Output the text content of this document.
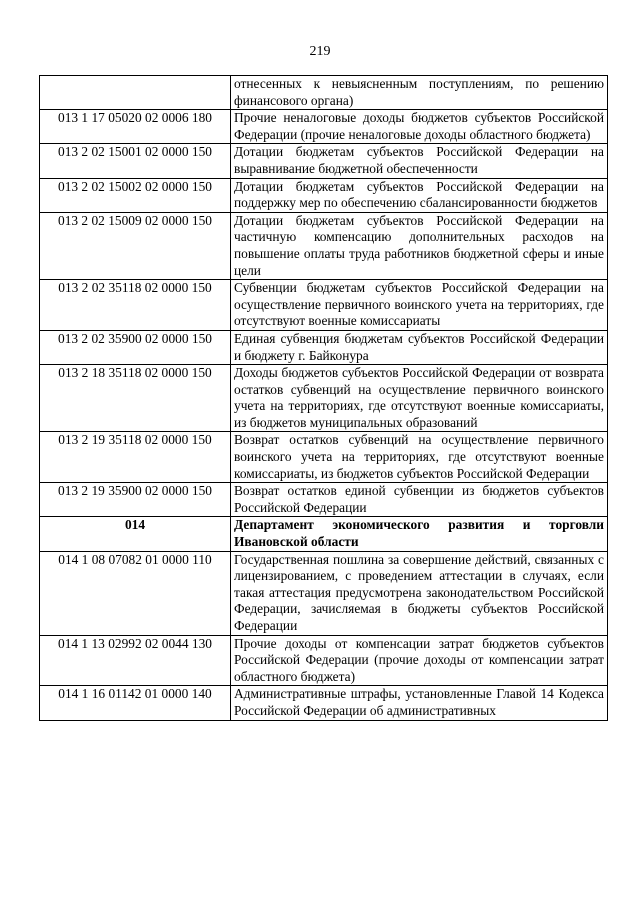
219
	отнесенных к невыясненным поступлениям, по решению финансового органа)
013 1 17 05020 02 0006 180	Прочие неналоговые доходы бюджетов субъектов Российской Федерации (прочие неналоговые доходы областного бюджета)
013 2 02 15001 02 0000 150	Дотации бюджетам субъектов Российской Федерации на выравнивание бюджетной обеспеченности
013 2 02 15002 02 0000 150	Дотации бюджетам субъектов Российской Федерации на поддержку мер по обеспечению сбалансированности бюджетов
013 2 02 15009 02 0000 150	Дотации бюджетам субъектов Российской Федерации на частичную компенсацию дополнительных расходов на повышение оплаты труда работников бюджетной сферы и иные цели
013 2 02 35118 02 0000 150	Субвенции бюджетам субъектов Российской Федерации на осуществление первичного воинского учета на территориях, где отсутствуют военные комиссариаты
013 2 02 35900 02 0000 150	Единая субвенция бюджетам субъектов Российской Федерации и бюджету г. Байконура
013 2 18 35118 02 0000 150	Доходы бюджетов субъектов Российской Федерации от возврата остатков субвенций на осуществление первичного воинского учета на территориях, где отсутствуют военные комиссариаты, из бюджетов муниципальных образований
013 2 19 35118 02 0000 150	Возврат остатков субвенций на осуществление первичного воинского учета на территориях, где отсутствуют военные комиссариаты, из бюджетов субъектов Российской Федерации
013 2 19 35900 02 0000 150	Возврат остатков единой субвенции из бюджетов субъектов Российской Федерации
014	Департамент экономического развития и торговли Ивановской области
014 1 08 07082 01 0000 110	Государственная пошлина за совершение действий, связанных с лицензированием, с проведением аттестации в случаях, если такая аттестация предусмотрена законодательством Российской Федерации, зачисляемая в бюджеты субъектов Российской Федерации
014 1 13 02992 02 0044 130	Прочие доходы от компенсации затрат бюджетов субъектов Российской Федерации (прочие доходы от компенсации затрат областного бюджета)
014 1 16 01142 01 0000 140	Административные штрафы, установленные Главой 14 Кодекса Российской Федерации об административных
